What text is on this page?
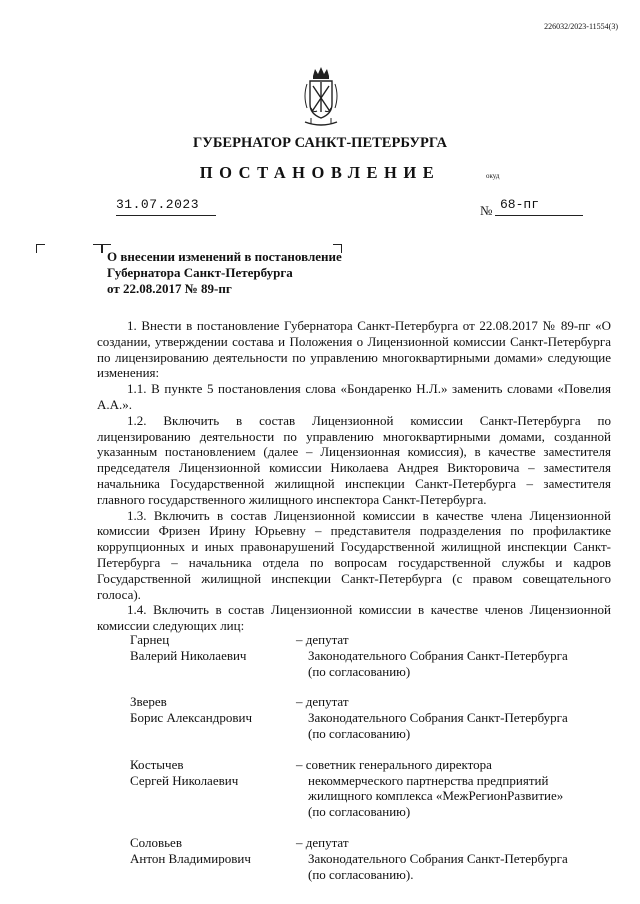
226032/2023-11554(3)
ГУБЕРНАТОР САНКТ-ПЕТЕРБУРГА
ПОСТАНОВЛЕНИЕ	окуд
31.07.2023	№ 68-пг
О внесении изменений в постановление
Губернатора Санкт-Петербурга
от 22.08.2017 № 89-пг

1. Внести в постановление Губернатора Санкт-Петербурга от 22.08.2017 № 89-пг «О создании, утверждении состава и Положения о Лицензионной комиссии Санкт-Петербурга по лицензированию деятельности по управлению многоквартирными домами» следующие изменения:

1.1. В пункте 5 постановления слова «Бондаренко Н.Л.» заменить словами «Повелия А.А.».

1.2. Включить в состав Лицензионной комиссии Санкт-Петербурга по лицензированию деятельности по управлению многоквартирными домами, созданной указанным постановлением (далее – Лицензионная комиссия), в качестве заместителя председателя Лицензионной комиссии Николаева Андрея Викторовича – заместителя начальника Государственной жилищной инспекции Санкт-Петербурга – заместителя главного государственного жилищного инспектора Санкт-Петербурга.

1.3. Включить в состав Лицензионной комиссии в качестве члена Лицензионной комиссии Фризен Ирину Юрьевну – представителя подразделения по профилактике коррупционных и иных правонарушений Государственной жилищной инспекции Санкт-Петербурга – начальника отдела по вопросам государственной службы и кадров Государственной жилищной инспекции Санкт-Петербурга (с правом совещательного голоса).

1.4. Включить в состав Лицензионной комиссии в качестве членов Лицензионной комиссии следующих лиц:

Гарнец
Валерий Николаевич
– депутат
Законодательного Собрания Санкт-Петербурга
(по согласованию)
Зверев
Борис Александрович
– депутат
Законодательного Собрания Санкт-Петербурга
(по согласованию)
Костычев
Сергей Николаевич
– советник генерального директора
некоммерческого партнерства предприятий
жилищного комплекса «МежРегионРазвитие»
(по согласованию)
Соловьев
Антон Владимирович
– депутат
Законодательного Собрания Санкт-Петербурга
(по согласованию).
